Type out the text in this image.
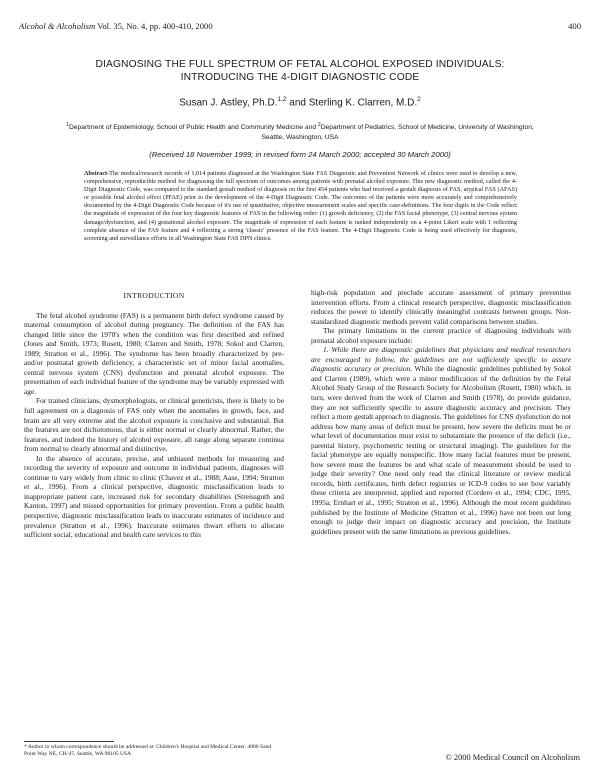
Alcohol & Alcoholism Vol. 35, No. 4, pp. 400-410, 2000	400
DIAGNOSING THE FULL SPECTRUM OF FETAL ALCOHOL EXPOSED INDIVIDUALS:
INTRODUCING THE 4-DIGIT DIAGNOSTIC CODE
Susan J. Astley, Ph.D.$^{1,2}$ and Sterling K. Clarren, M.D.$^2$
$^1$Department of Epidemiology, School of Public Health and Community Medicine and $^2$Department of Pediatrics, School of Medicine, University of Washington,
Seattle, Washington, USA
(Received 18 November 1999; in revised form 24 March 2000; accepted 30 March 2000)
Abstract-The medical/research records of 1,014 patients diagnosed at the Washington State FAS Diagnostic and Prevention Network of clinics were used to develop a new, comprehensive, reproducible method for diagnosing the full spectrum of outcomes among patients with prenatal alcohol exposure. This new diagnostic method, called the 4-Digit Diagnostic Code, was compared to the standard gestalt method of diagnosis on the first 454 patients who had received a gestalt diagnosis of FAS, atypical FAS (AFAS) or possible fetal alcohol effect (PFAE) prior to the development of the 4-Digit Diagnostic Code. The outcomes of the patients were more accurately and comprehensively documented by the 4-Digit Diagnostic Code because of it's use of quantitative, objective measurement scales and specific case-definitions. The four digits in the Code reflect the magnitude of expression of the four key diagnostic features of FAS in the following order: (1) growth deficiency, (2) the FAS facial phenotype, (3) central nervous system damage/dysfunction, and (4) gestational alcohol exposure. The magnitude of expression of each feature is ranked independently on a 4-point Likert scale with 1 reflecting complete absence of the FAS feature and 4 reflecting a strong 'classic' presence of the FAS feature. The 4-Digit Diagnostic Code is being used effectively for diagnosis, screening and surveillance efforts in all Washington State FAS DPN clinics.
INTRODUCTION

The fetal alcohol syndrome (FAS) is a permanent birth defect syndrome caused by maternal consumption of alcohol during pregnancy. The definition of the FAS has changed little since the 1970's when the condition was first described and refined (Jones and Smith, 1973; Rosett, 1980; Clarren and Smith, 1978; Sokol and Clarren, 1989; Stratton et al., 1996). The syndrome has been broadly characterized by pre- and/or postnatal growth deficiency, a characteristic set of minor facial anomalies, central nervous system (CNS) dysfunction and prenatal alcohol exposure. The presentation of each individual feature of the syndrome may be variably expressed with age.

For trained clinicians, dysmorphologists, or clinical geneticists, there is likely to be full agreement on a diagnosis of FAS only when the anomalies in growth, face, and brain are all very extreme and the alcohol exposure is conclusive and substantial. But the features are not dichotomous, that is either normal or clearly abnormal. Rather, the features, and indeed the history of alcohol exposure, all range along separate continua from normal to clearly abnormal and distinctive.

In the absence of accurate, precise, and unbiased methods for measuring and recording the severity of exposure and outcome in individual patients, diagnoses will continue to vary widely from clinic to clinic (Chavez et al., 1988; Aase, 1994; Stratton et al., 1996). From a clinical perspective, diagnostic misclassification leads to inappropriate patient care, increased risk for secondary disabilities (Streissguth and Kanton, 1997) and missed opportunities for primary prevention. From a public health perspective, diagnostic misclassification leads to inaccurate estimates of incidence and prevalence (Stratton et al., 1996). Inaccurate estimates thwart efforts to allocate sufficient social, educational and health care services to this

high-risk population and preclude accurate assessment of primary prevention intervention efforts. From a clinical research perspective, diagnostic misclassification reduces the power to identify clinically meaningful contrasts between groups. Non-standardized diagnostic methods prevent valid comparisons between studies.

The primary limitations in the current practice of diagnosing individuals with prenatal alcohol exposure include:

1. While there are diagnostic guidelines that physicians and medical researchers are encouraged to follow, the guidelines are not sufficiently specific to assure diagnostic accuracy or precision. While the diagnostic guidelines published by Sokol and Clarren (1989), which were a minor modification of the definition by the Fetal Alcohol Study Group of the Research Society for Alcoholism (Rosett, 1980) which, in turn, were derived from the work of Clarren and Smith (1978), do provide guidance, they are not sufficiently specific to assure diagnostic accuracy and precision. They reflect a more gestalt approach to diagnosis. The guidelines for CNS dysfunction do not address how many areas of deficit must be present, how severe the deficits must be or what level of documentation must exist to substantiate the presence of the deficit (i.e., parental history, psychometric testing or structural imaging). The guidelines for the facial phenotype are equally nonspecific. How many facial features must be present, how severe must the features be and what scale of measurement should be used to judge their severity? One need only read the clinical literature or review medical records, birth certificates, birth defect registries or ICD-9 codes to see how variably these criteria are interpreted, applied and reported (Cordero et al., 1994; CDC, 1995, 1995a; Ernhart et al., 1995; Stratton et al., 1996). Although the most recent guidelines published by the Institute of Medicine (Stratton et al., 1996) have not been out long enough to judge their impact on diagnostic accuracy and precision, the Institute guidelines present with the same limitations as previous guidelines.

* Author to whom correspondence should be addressed at: Children's Hospital and Medical Center, 4800 Sand Point Way NE, CH-47, Seattle, WA 98105 USA	© 2000 Medical Council on Alcoholism
